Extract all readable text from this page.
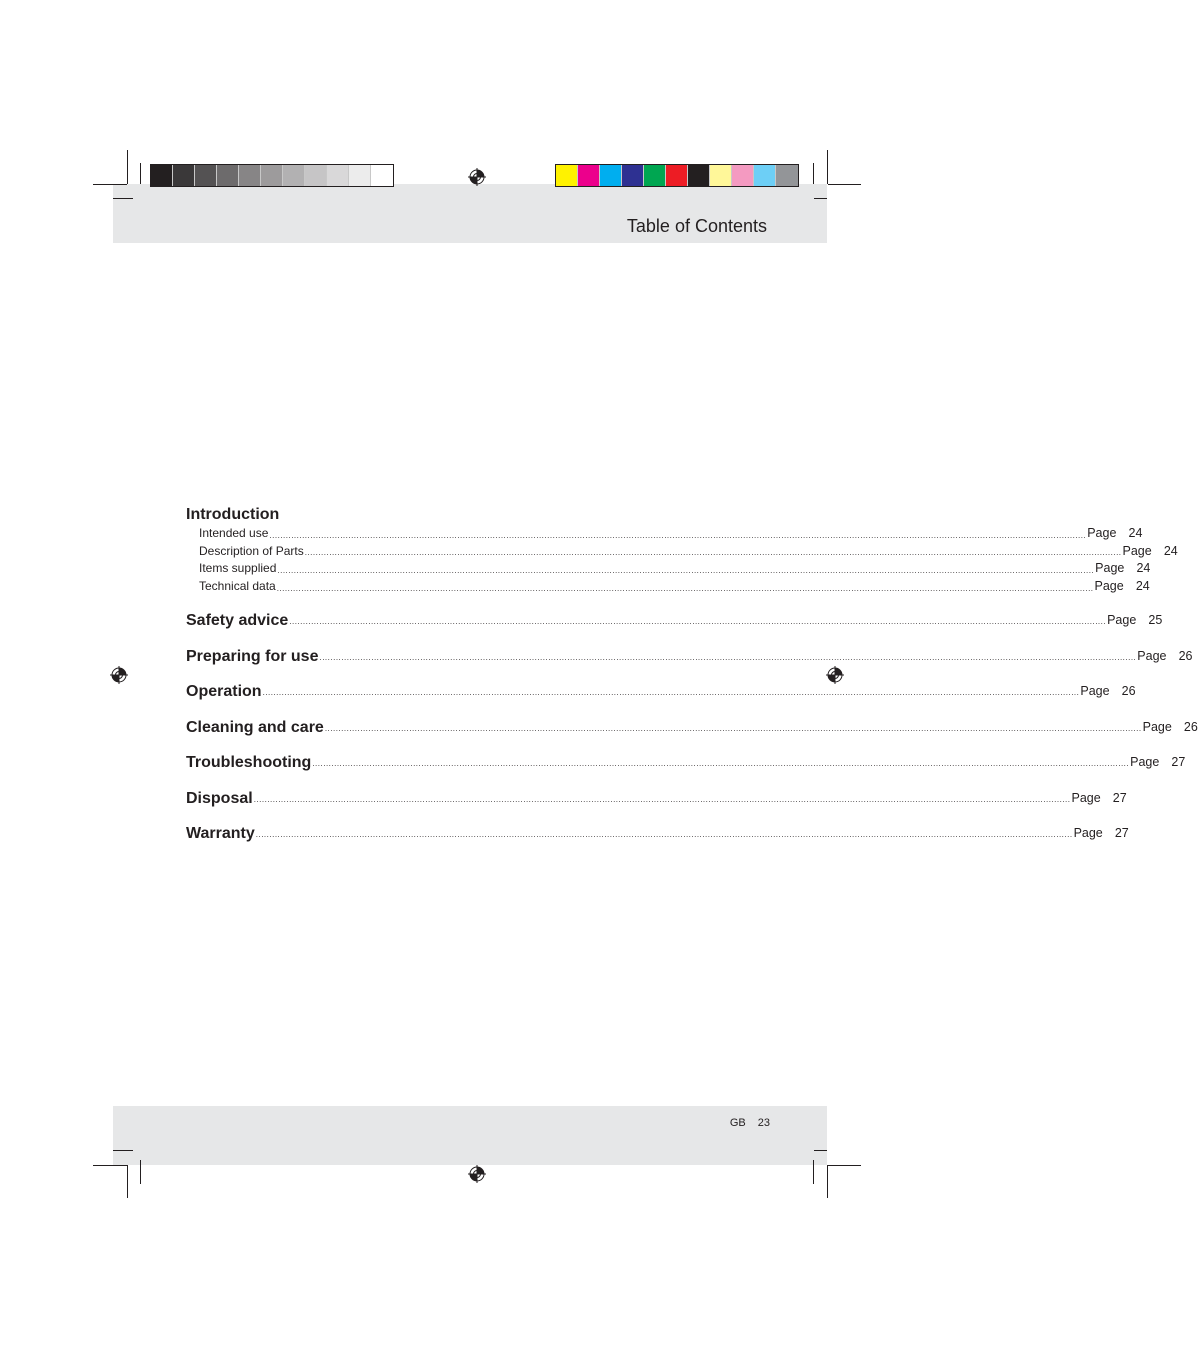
Table of Contents
Introduction
Intended use ............................................................................................................................................................................................................................................................................................................ Page 24
Description of Parts ............................................................................................................................................................................................................................................................................................................ Page 24
Items supplied ............................................................................................................................................................................................................................................................................................................ Page 24
Technical data ............................................................................................................................................................................................................................................................................................................ Page 24
Safety advice ............................................................................................................................................................................................................................................................................................................ Page 25
Preparing for use ............................................................................................................................................................................................................................................................................................................ Page 26
Operation ............................................................................................................................................................................................................................................................................................................ Page 26
Cleaning and care ............................................................................................................................................................................................................................................................................................................ Page 26
Troubleshooting ............................................................................................................................................................................................................................................................................................................ Page 27
Disposal ............................................................................................................................................................................................................................................................................................................ Page 27
Warranty ............................................................................................................................................................................................................................................................................................................ Page 27
GB 23
